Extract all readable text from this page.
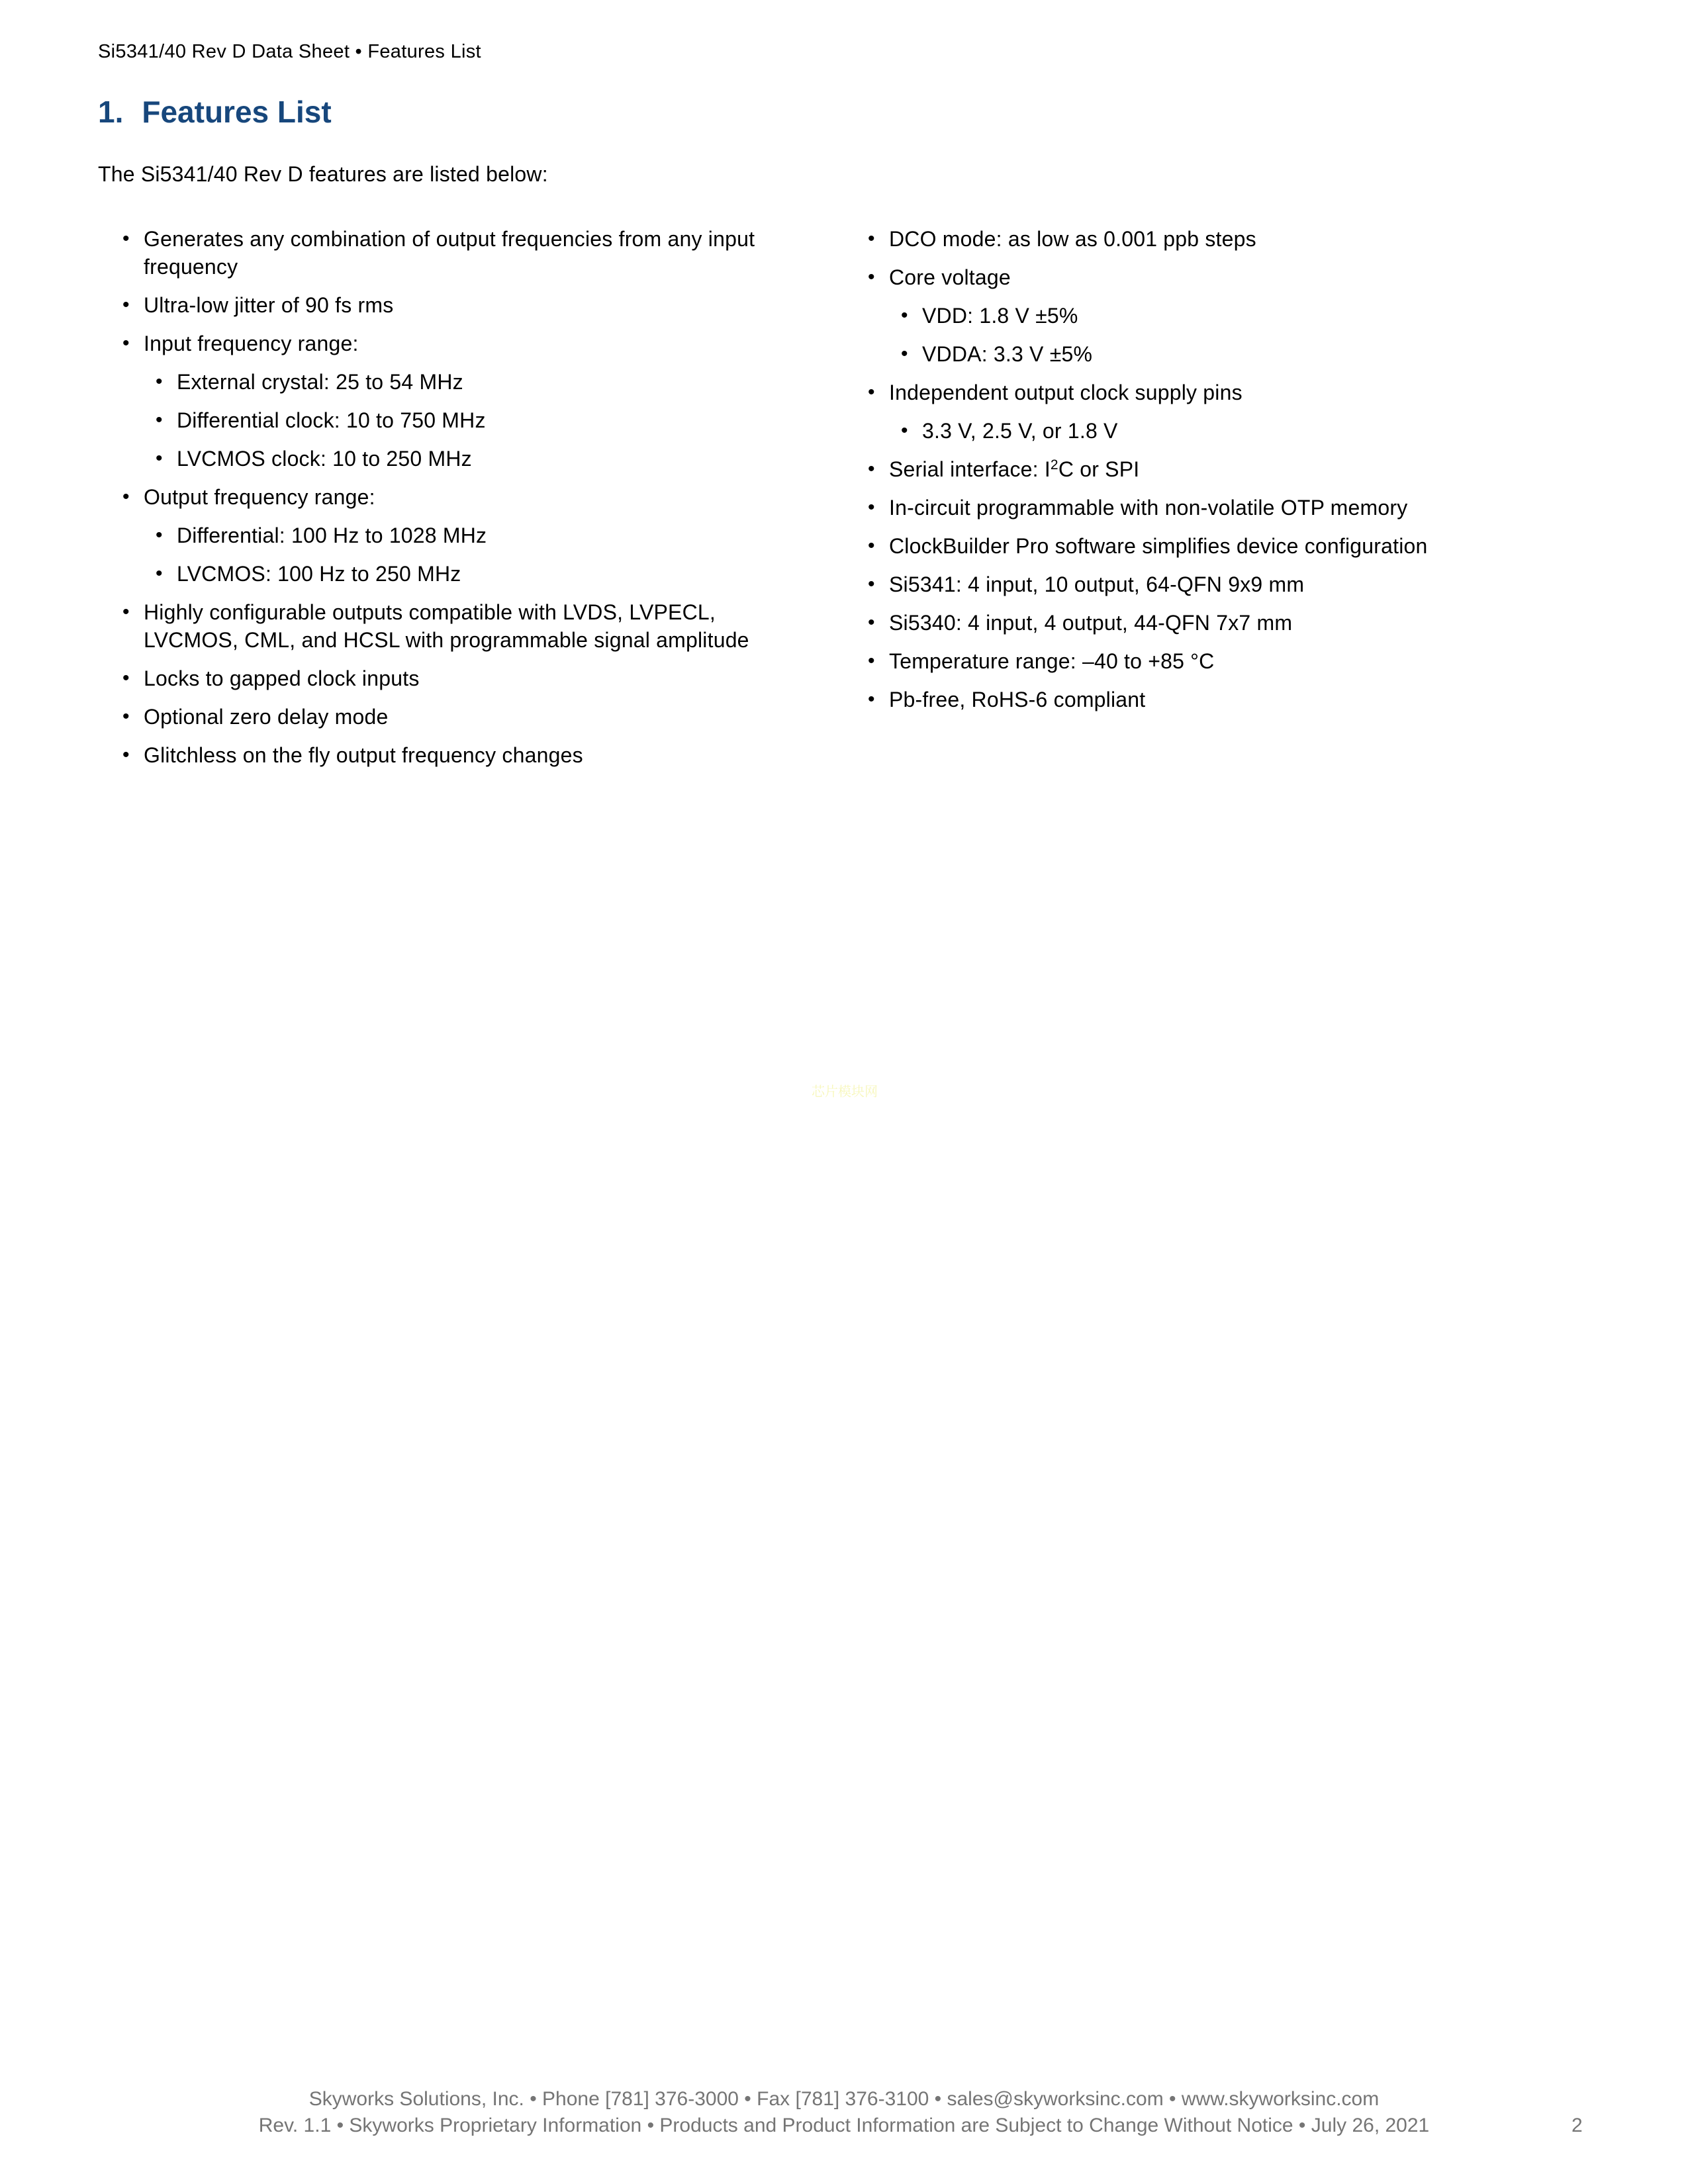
Si5341/40 Rev D Data Sheet • Features List
1. Features List
The Si5341/40 Rev D features are listed below:
• Generates any combination of output frequencies from any input frequency
• Ultra-low jitter of 90 fs rms
• Input frequency range:
• External crystal: 25 to 54 MHz
• Differential clock: 10 to 750 MHz
• LVCMOS clock: 10 to 250 MHz
• Output frequency range:
• Differential: 100 Hz to 1028 MHz
• LVCMOS: 100 Hz to 250 MHz
• Highly configurable outputs compatible with LVDS, LVPECL, LVCMOS, CML, and HCSL with programmable signal amplitude
• Locks to gapped clock inputs
• Optional zero delay mode
• Glitchless on the fly output frequency changes
• DCO mode: as low as 0.001 ppb steps
• Core voltage
• VDD: 1.8 V ±5%
• VDDA: 3.3 V ±5%
• Independent output clock supply pins
• 3.3 V, 2.5 V, or 1.8 V
• Serial interface: $I^2C$ or SPI
• In-circuit programmable with non-volatile OTP memory
• ClockBuilder Pro software simplifies device configuration
• Si5341: 4 input, 10 output, 64-QFN 9x9 mm
• Si5340: 4 input, 4 output, 44-QFN 7x7 mm
• Temperature range: –40 to +85 °C
• Pb-free, RoHS-6 compliant
芯片模块网
Skyworks Solutions, Inc. • Phone [781] 376-3000 • Fax [781] 376-3100 • sales@skyworksinc.com • www.skyworksinc.com
Rev. 1.1 • Skyworks Proprietary Information • Products and Product Information are Subject to Change Without Notice • July 26, 2021	2
